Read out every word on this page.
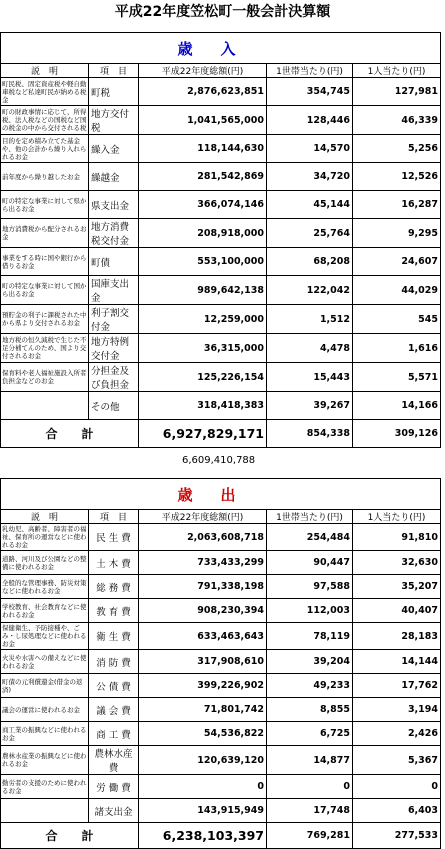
平成22年度笠松町一般会計決算額
歳入				
説　明	項　目	平成22年度総額(円)	1世帯当たり(円)	1人当たり(円)
町民税、固定資産税や軽自動車税など私達町民が納める税金	町税	2,876,623,851	354,745	127,981
町の財政事情に応じて、所得税、法人税などの国税など国の税金の中から交付される税	地方交付税	1,041,565,000	128,446	46,339
目的を定め積み立てた基金や、他の会計から繰り入れられるお金	繰入金	118,144,630	14,570	5,256
前年度から繰り越したお金	繰越金	281,542,869	34,720	12,526
町の特定な事業に対して県から出るお金	県支出金	366,074,146	45,144	16,287
地方消費税から配分されるお金	地方消費税交付金	208,918,000	25,764	9,295
事業をする時に国や銀行から借りるお金	町債	553,100,000	68,208	24,607
町の特定な事業に対して国から出るお金	国庫支出金	989,642,138	122,042	44,029
預貯金の利子に課税された中から県より交付されるお金	利子割交付金	12,259,000	1,512	545
地方税の恒久減税で生じた不足分補てんのため、国より交付されるお金	地方特例交付金	36,315,000	4,478	1,616
保育料や老人福祉施設入所者負担金などのお金	分担金及び負担金	125,226,154	15,443	5,571
	その他	318,418,383	39,267	14,166
合　　計		6,927,829,171	854,338	309,126
6,609,410,788
歳出				
説　明	項　目	平成22年度総額(円)	1世帯当たり(円)	1人当たり(円)
乳幼児、高齢者、障害者の福祉、保育所の運営などに使われるお金	民 生 費	2,063,608,718	254,484	91,810
道路、河川及び公園などの整備に使われるお金	土 木 費	733,433,299	90,447	32,630
全般的な管理事務、防災対策などに使われるお金	総 務 費	791,338,198	97,588	35,207
学校教育、社会教育などに使われるお金	教 育 費	908,230,394	112,003	40,407
保健衛生、予防接種や、ごみ・し尿処理などに使われるお金	衛 生 費	633,463,643	78,119	28,183
火災や水害への備えなどに使われるお金	消 防 費	317,908,610	39,204	14,144
町債の元利償還金(借金の返済)	公 債 費	399,226,902	49,233	17,762
議会の運営に使われるお金	議 会 費	71,801,742	8,855	3,194
商工業の振興などに使われるお金	商 工 費	54,536,822	6,725	2,426
農林水産業の振興などに使われるお金	農林水産費	120,639,120	14,877	5,367
勤労者の支援のために使われるお金	労 働 費	0	0	0
	諸支出金	143,915,949	17,748	6,403
合　　計		6,238,103,397	769,281	277,533
